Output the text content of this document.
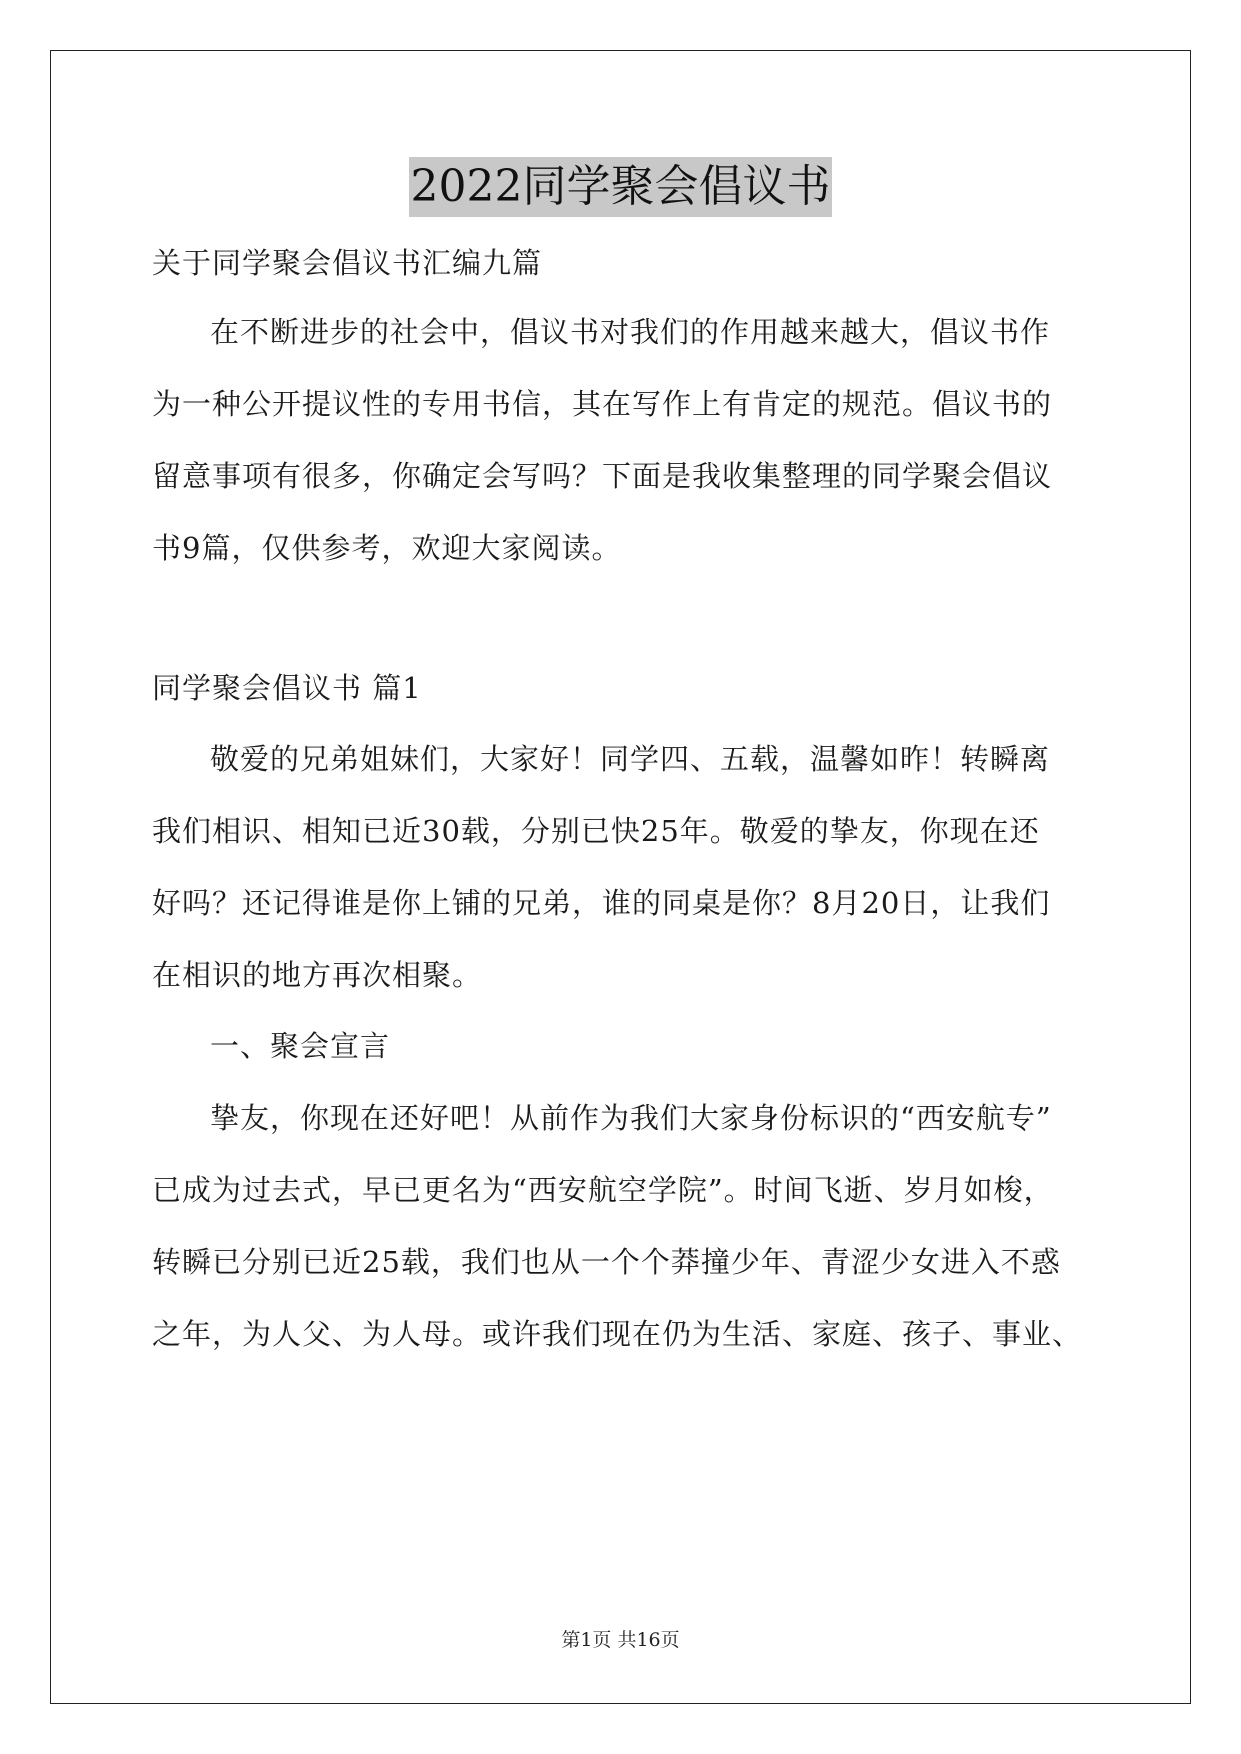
2022同学聚会倡议书
关于同学聚会倡议书汇编九篇
在不断进步的社会中，倡议书对我们的作用越来越大，倡议书作
为一种公开提议性的专用书信，其在写作上有肯定的规范。倡议书的
留意事项有很多，你确定会写吗？下面是我收集整理的同学聚会倡议
书9篇，仅供参考，欢迎大家阅读。
同学聚会倡议书 篇1
敬爱的兄弟姐妹们，大家好！同学四、五载，温馨如昨！转瞬离
我们相识、相知已近30载，分别已快25年。敬爱的挚友，你现在还
好吗？还记得谁是你上铺的兄弟，谁的同桌是你？8月20日，让我们
在相识的地方再次相聚。
一、聚会宣言
挚友，你现在还好吧！从前作为我们大家身份标识的“西安航专”
已成为过去式，早已更名为“西安航空学院”。时间飞逝、岁月如梭，
转瞬已分别已近25载，我们也从一个个莽撞少年、青涩少女进入不惑
之年，为人父、为人母。或许我们现在仍为生活、家庭、孩子、事业、
第1页 共16页
